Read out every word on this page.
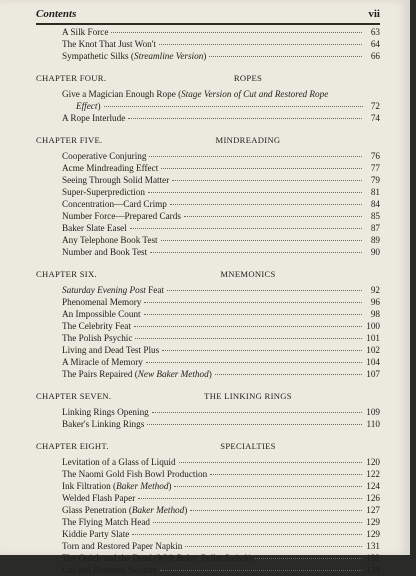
Contents	vii
A Silk Force	63
The Knot That Just Won't	64
Sympathetic Silks (Streamline Version)	66
CHAPTER FOUR.	ROPES
Give a Magician Enough Rope (Stage Version of Cut and Restored Rope
Effect)	72
A Rope Interlude	74
CHAPTER FIVE.	MINDREADING
Cooperative Conjuring	76
Acme Mindreading Effect	77
Seeing Through Solid Matter	79
Super-Superprediction	81
Concentration—Card Crimp	84
Number Force—Prepared Cards	85
Baker Slate Easel	87
Any Telephone Book Test	89
Number and Book Test	90
CHAPTER SIX.	MNEMONICS
Saturday Evening Post Feat	92
Phenomenal Memory	96
An Impossible Count	98
The Celebrity Feat	100
The Polish Psychic	101
Living and Dead Test Plus	102
A Miracle of Memory	104
The Pairs Repaired (New Baker Method)	107
CHAPTER SEVEN.	THE LINKING RINGS
Linking Rings Opening	109
Baker's Linking Rings	110
CHAPTER EIGHT.	SPECIALTIES
Levitation of a Glass of Liquid	120
The Naomi Gold Fish Bowl Production	122
Ink Filtration (Baker Method)	124
Welded Flash Paper	126
Glass Penetration (Baker Method)	127
The Flying Match Head	129
Kiddie Party Slate	129
Torn and Restored Paper Napkin	131
The Quick and the Dead (With Baker Pellet Switch)	132
Cut and Restored Necktie	134
